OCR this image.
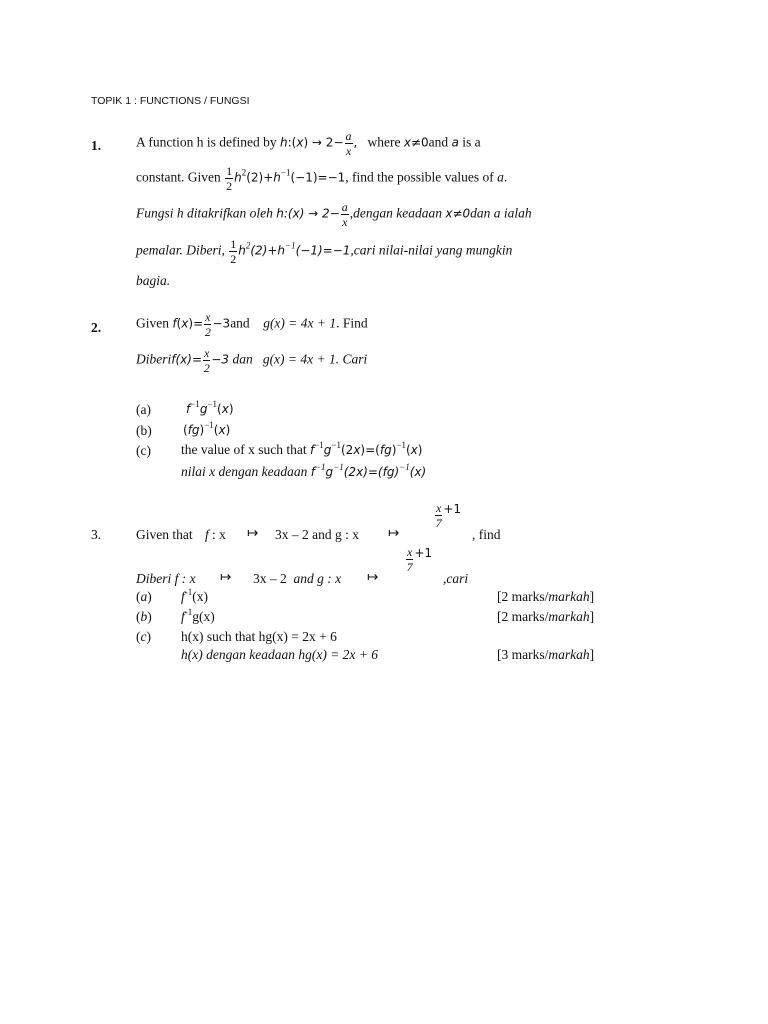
TOPIK 1 : FUNCTIONS / FUNGSI
1.	A function h is defined by h:(x) → $2- \frac{a}{x}$ , where x≠0and a is a
constant. Given $\frac{1}{2} h^2(2)+h^{-1}(-1)=-1$, find the possible values of a.
Fungsi h ditakrifkan oleh h:(x) → $2- \frac{a}{x}$ ,dengan keadaan x≠0dan a ialah
pemalar. Diberi, $\frac{1}{2}$ $h^2(2)+h^{-1}(-1)=-1,cari$ nilai-nilai yang mungkin
bagia.
2.	Given $f(x)= \frac{x}{2} -3and$ g(x) = 4x + 1. Find
Diberif(x)= $\frac{x}{2} -3$ dan g(x) = 4x + 1. Cari
(a)	$f^{-1}g^{-1}(x)$
(b)	(fg)$^{-1}$(x)
(c) the value of x such that $f^{-1}g^{-1}(2x)=(fg)^{-1}(x)$
nilai x dengan keadaan $f^{-1}g^{-1}(2x)=(fg)^{-1}(x)$
3.	Given that f : x ↦ 3x – 2 and g : x ↦
$\frac{x}{7} ^{+1}$
, find
Diberi f : x ↦ 3x – 2  and g : x ↦
$\frac{x}{7} ^{+1}$
,cari
(a) $f^{-1}(x)$	[2 marks/markah]
(b) $f^{-1}g(x)$	[2 marks/markah]
(c) h(x) such that hg(x) = 2x + 6
h(x) dengan keadaan hg(x) = 2x + 6	[3 marks/markah]
